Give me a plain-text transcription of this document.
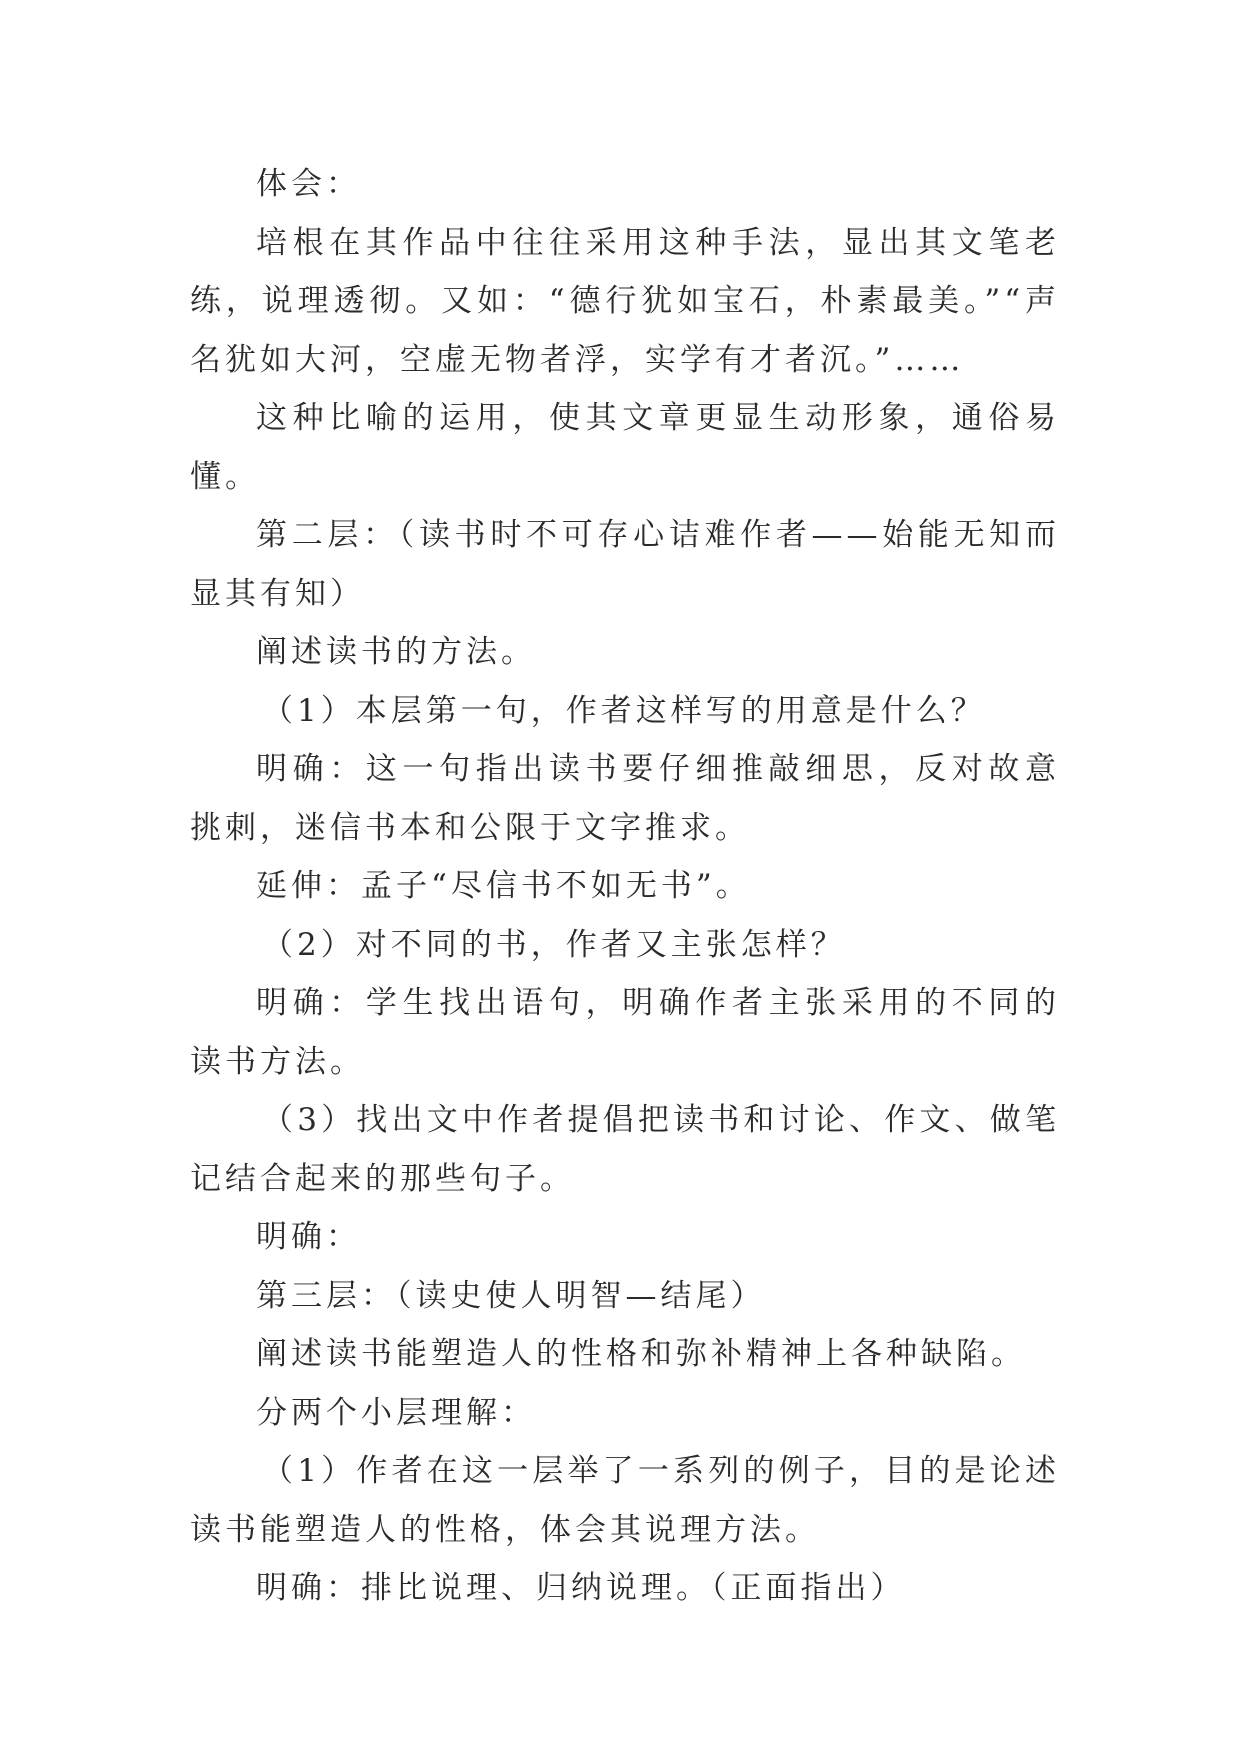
体会：

培根在其作品中往往采用这种手法，显出其文笔老练，说理透彻。又如：“德行犹如宝石，朴素最美。”“声名犹如大河，空虚无物者浮，实学有才者沉。”……

这种比喻的运用，使其文章更显生动形象，通俗易懂。

第二层：（读书时不可存心诘难作者——始能无知而显其有知）

阐述读书的方法。

（1）本层第一句，作者这样写的用意是什么？

明确：这一句指出读书要仔细推敲细思，反对故意挑刺，迷信书本和公限于文字推求。

延伸：孟子“尽信书不如无书”。

（2）对不同的书，作者又主张怎样？

明确：学生找出语句，明确作者主张采用的不同的读书方法。

（3）找出文中作者提倡把读书和讨论、作文、做笔记结合起来的那些句子。

明确：

第三层：（读史使人明智—结尾）

阐述读书能塑造人的性格和弥补精神上各种缺陷。

分两个小层理解：

（1）作者在这一层举了一系列的例子，目的是论述读书能塑造人的性格，体会其说理方法。

明确：排比说理、归纳说理。（正面指出）
